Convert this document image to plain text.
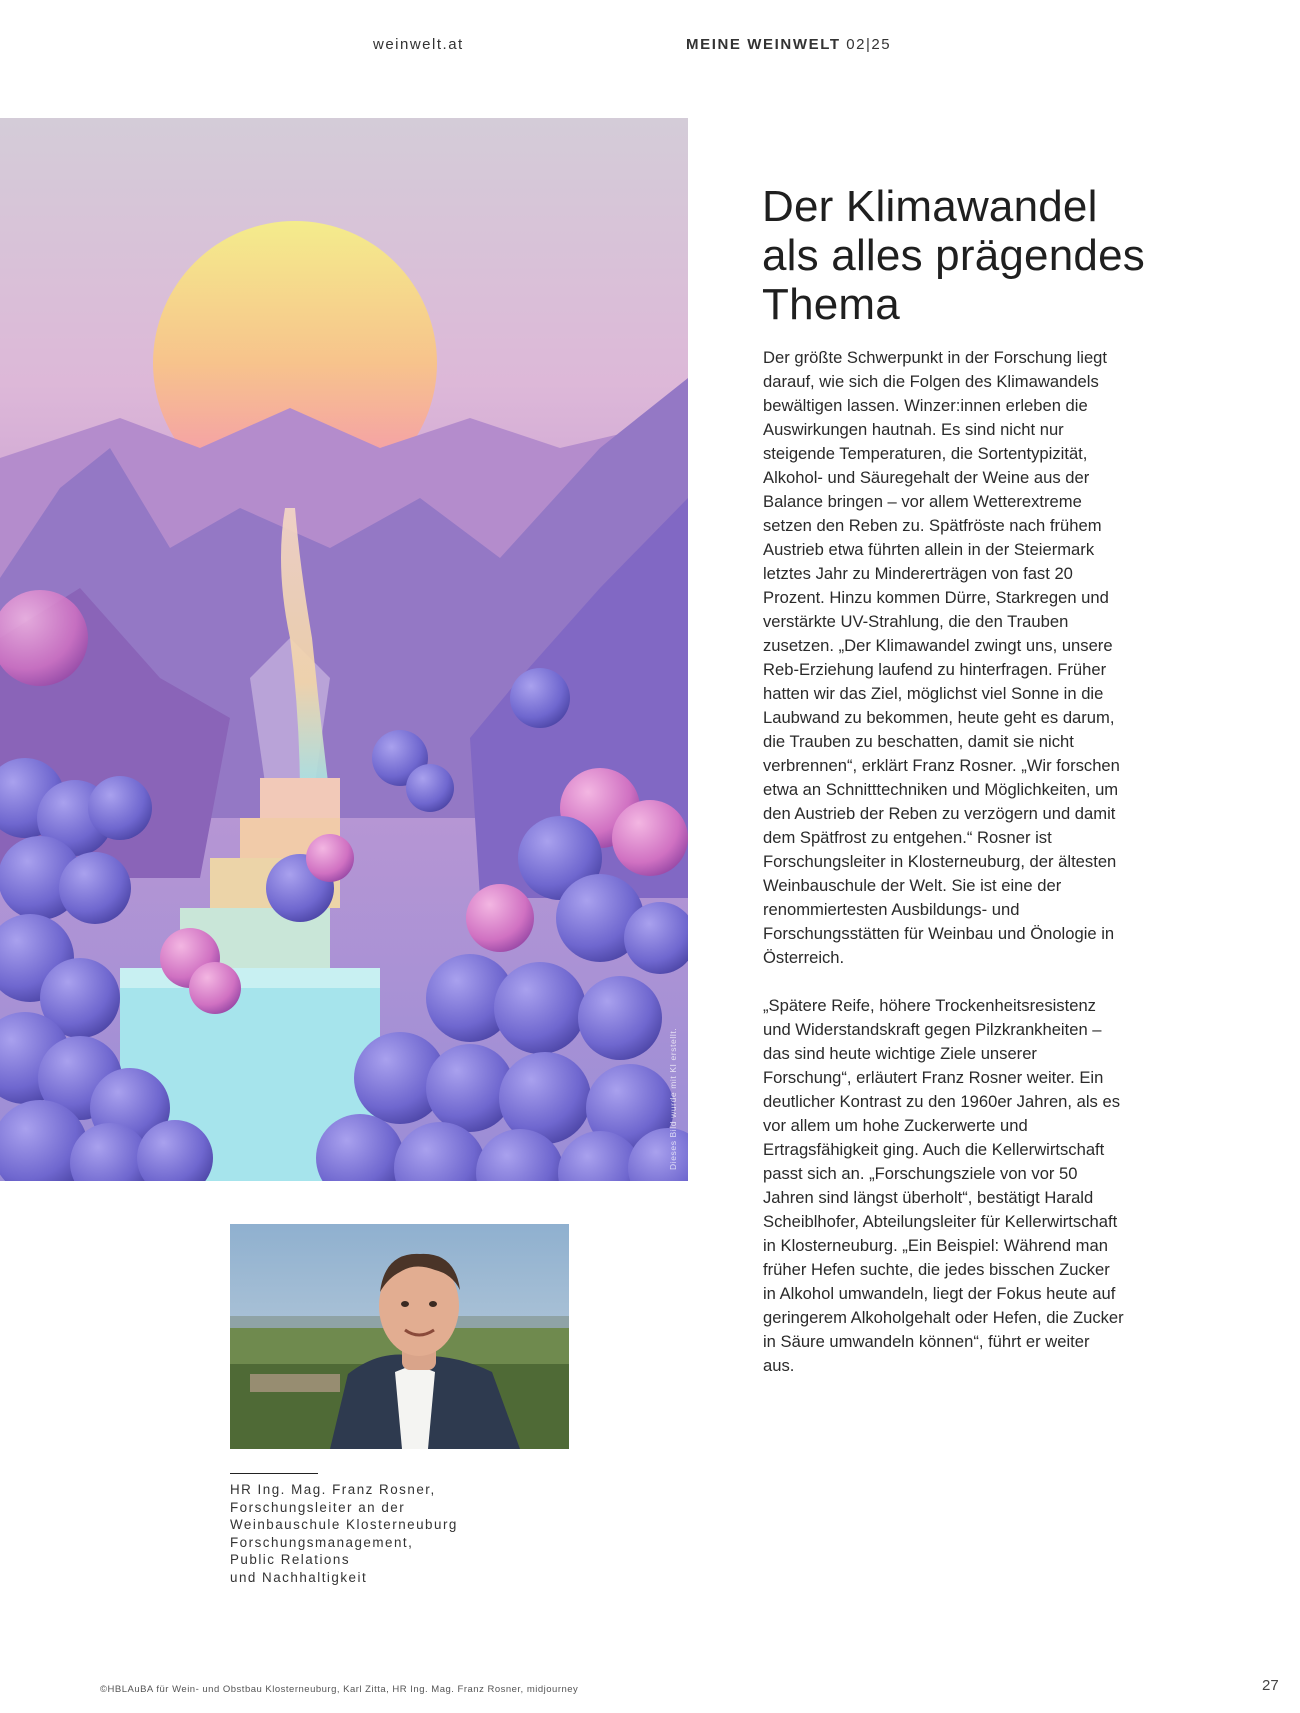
weinwelt.at	MEINE WEINWELT 02|25
Dieses Bild wurde mit KI erstellt.
Der Klimawandel
als alles prägendes
Thema

Der größte Schwerpunkt in der Forschung liegt darauf, wie sich die Folgen des Klimawandels bewältigen lassen. Winzer:innen erleben die Auswirkungen hautnah. Es sind nicht nur steigende Temperaturen, die Sortentypizität, Alkohol- und Säuregehalt der Weine aus der Balance bringen – vor allem Wetterextreme setzen den Reben zu. Spätfröste nach frühem Austrieb etwa führten allein in der Steiermark letztes Jahr zu Mindererträgen von fast 20 Prozent. Hinzu kommen Dürre, Starkregen und verstärkte UV-Strahlung, die den Trauben zusetzen. „Der Klimawandel zwingt uns, unsere Reb-Erziehung laufend zu hinterfragen. Früher hatten wir das Ziel, möglichst viel Sonne in die Laubwand zu bekommen, heute geht es darum, die Trauben zu beschatten, damit sie nicht verbrennen“, erklärt Franz Rosner. „Wir forschen etwa an Schnitttechniken und Möglichkeiten, um den Austrieb der Reben zu verzögern und damit dem Spätfrost zu entgehen.“ Rosner ist Forschungsleiter in Klosterneuburg, der ältesten Weinbauschule der Welt. Sie ist eine der renommiertesten Ausbildungs- und Forschungsstätten für Weinbau und Önologie in Österreich.

„Spätere Reife, höhere Trockenheitsresistenz und Widerstandskraft gegen Pilzkrankheiten – das sind heute wichtige Ziele unserer Forschung“, erläutert Franz Rosner weiter. Ein deutlicher Kontrast zu den 1960er Jahren, als es vor allem um hohe Zuckerwerte und Ertragsfähigkeit ging. Auch die Kellerwirtschaft passt sich an. „Forschungsziele von vor 50 Jahren sind längst überholt“, bestätigt Harald Scheiblhofer, Abteilungsleiter für Kellerwirtschaft in Klosterneuburg. „Ein Beispiel: Während man früher Hefen suchte, die jedes bisschen Zucker in Alkohol umwandeln, liegt der Fokus heute auf geringerem Alkoholgehalt oder Hefen, die Zucker in Säure umwandeln können“, führt er weiter aus.

HR Ing. Mag. Franz Rosner,
Forschungsleiter an der
Weinbauschule Klosterneuburg
Forschungsmanagement,
Public Relations
und Nachhaltigkeit
©HBLAuBA für Wein- und Obstbau Klosterneuburg, Karl Zitta, HR Ing. Mag. Franz Rosner, midjourney	27
